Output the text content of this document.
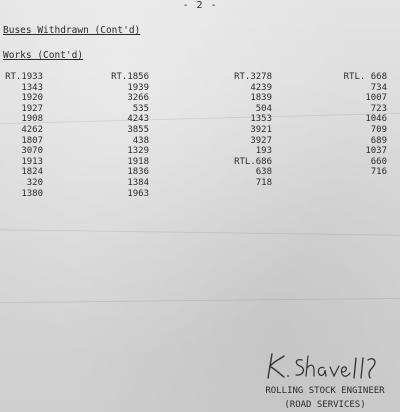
- 2 -
Buses Withdrawn (Cont'd)
Works (Cont'd)
RT.1933
1343
1920
1927
1908
4262
1807
3070
1913
1824
320
1380
RT.1856
1939
3266
535
4243
3855
438
1329
1918
1836
1384
1963
RT.3278
4239
1839
504
1353
3921
3927
193
RTL.686
638
718
RTL. 668
734
1007
723
1046
709
689
1037
660
716
ROLLING STOCK ENGINEER
(ROAD SERVICES)
